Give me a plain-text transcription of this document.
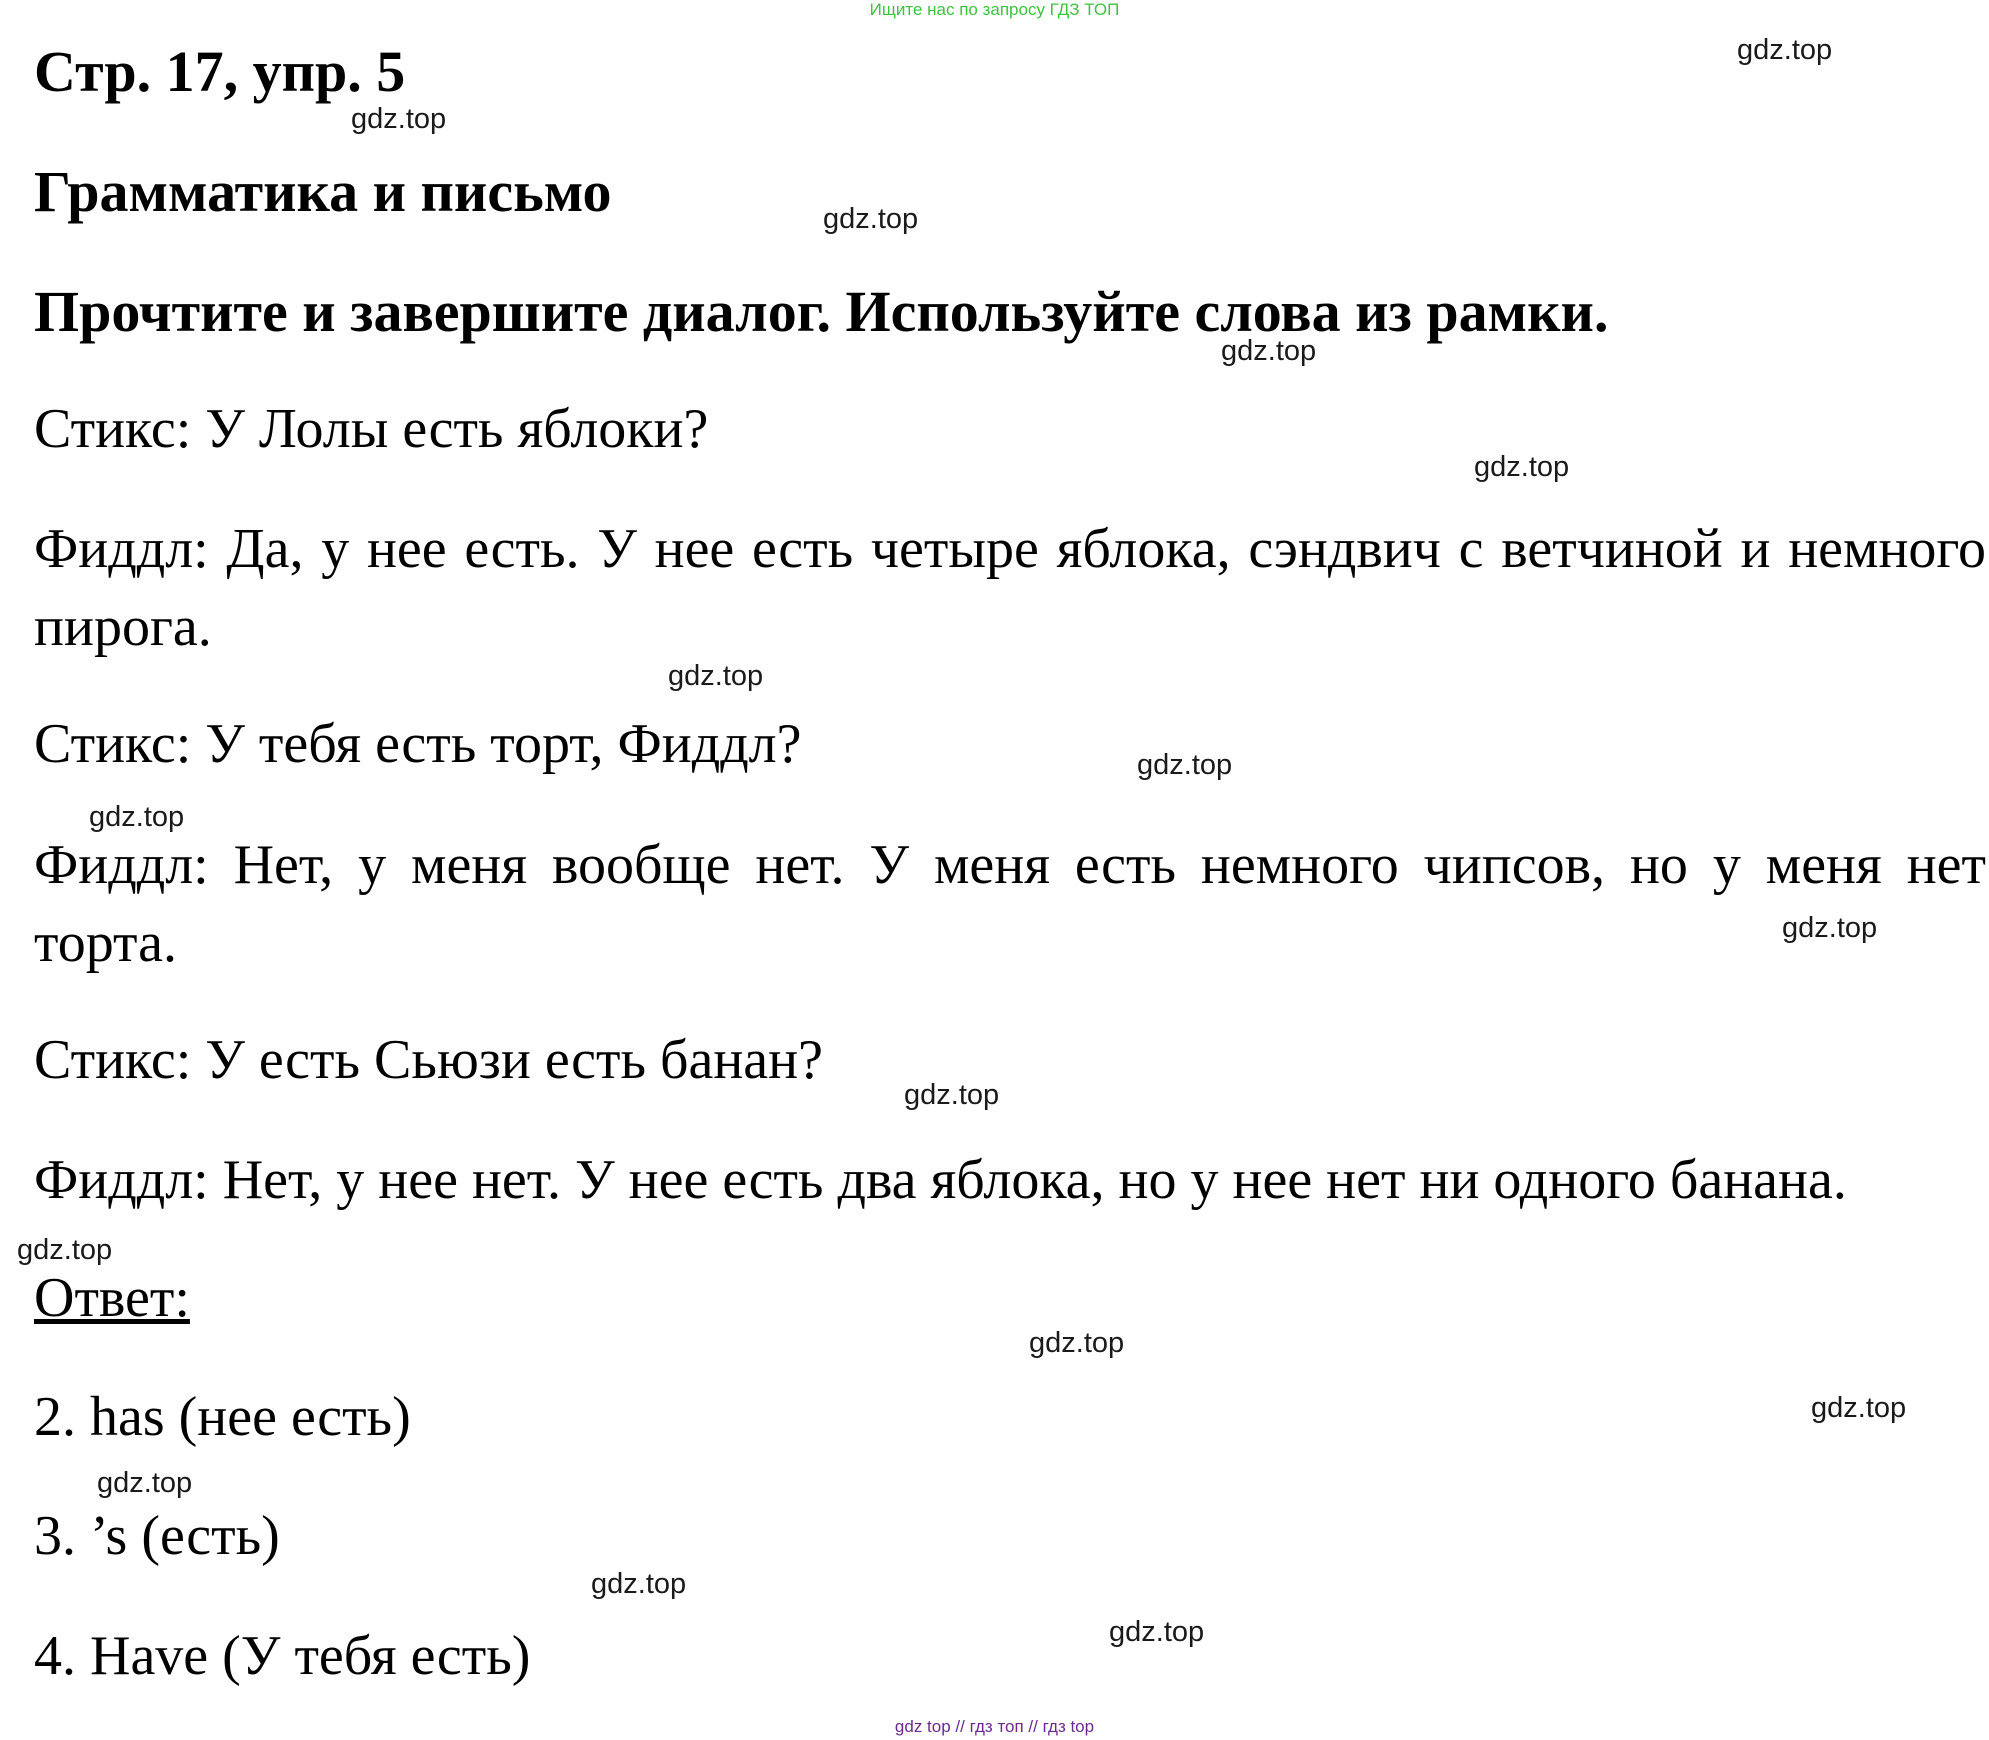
Ищите нас по запросу ГДЗ ТОП
Стр. 17, упр. 5
Грамматика и письмо
Прочтите и завершите диалог. Используйте слова из рамки.
Стикс: У Лолы есть яблоки?
Фиддл: Да, у нее есть. У нее есть четыре яблока, сэндвич с ветчиной и немного пирога.
Стикс: У тебя есть торт, Фиддл?
Фиддл: Нет, у меня вообще нет. У меня есть немного чипсов, но у меня нет торта.
Стикс: У есть Сьюзи есть банан?
Фиддл: Нет, у нее нет. У нее есть два яблока, но у нее нет ни одного банана.
Ответ:
2. has (нее есть)
3. ’s (есть)
4. Have (У тебя есть)
gdz.top
gdz.top
gdz.top
gdz.top
gdz.top
gdz.top
gdz.top
gdz.top
gdz.top
gdz.top
gdz.top
gdz.top
gdz.top
gdz.top
gdz.top
gdz.top
gdz top // гдз топ // гдз top
